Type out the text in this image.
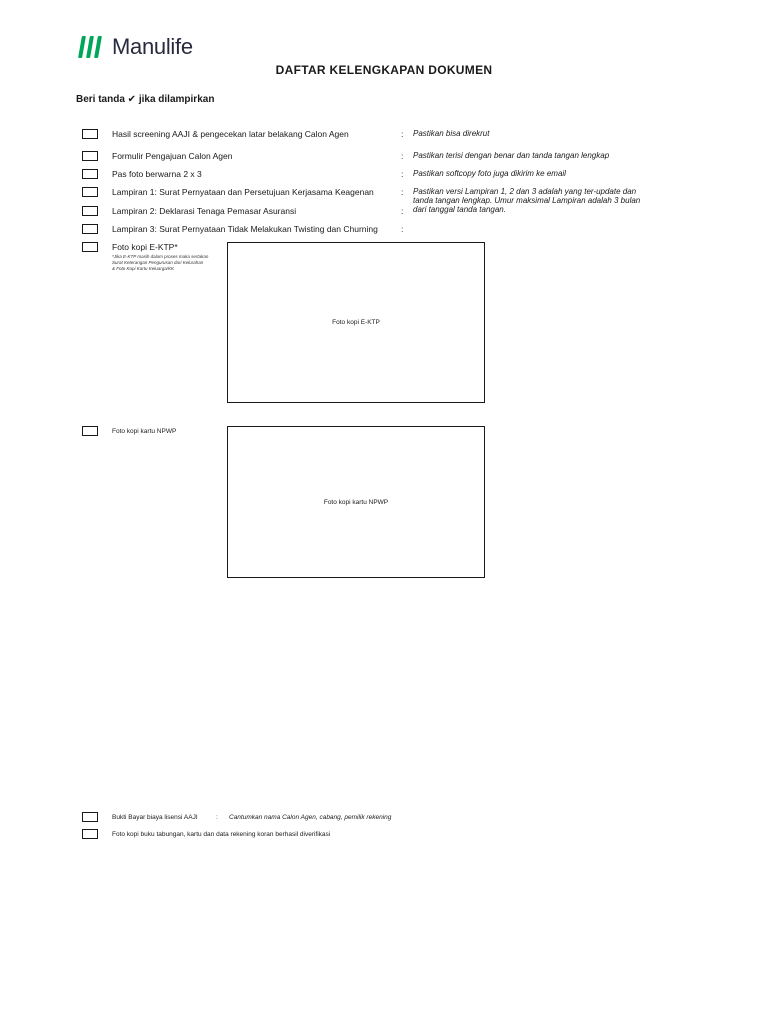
Manulife
DAFTAR KELENGKAPAN DOKUMEN
Beri tanda ✔ jika dilampirkan
Hasil screening AAJI & pengecekan latar belakang Calon Agen
Formulir Pengajuan Calon Agen
Pas foto berwarna 2 x 3
Lampiran 1: Surat Pernyataan dan Persetujuan Kerjasama Keagenan
Lampiran 2: Deklarasi Tenaga Pemasar Asuransi
Lampiran 3: Surat Pernyataan Tidak Melakukan Twisting dan Churning
: Pastikan bisa direkrut
: Pastikan terisi dengan benar dan tanda tangan lengkap
: Pastikan softcopy foto juga dikirim ke email
:
:
:
Pastikan versi Lampiran 1, 2 dan 3 adalah yang ter-update dan
tanda tangan lengkap. Umur maksimal Lampiran adalah 3 bulan
dari tanggal tanda tangan.
Foto kopi E-KTP*
*Jika E-KTP masih dalam proses maka sertakan
Surat Keterangan Pengurusan dari Kelurahan
& Foto Kopi Kartu Keluarga/KK
Foto kopi E-KTP
Foto kopi kartu NPWP
Foto kopi kartu NPWP
Bukti Bayar biaya lisensi AAJI	: Cantumkan nama Calon Agen, cabang, pemilik rekening
Foto kopi buku tabungan, kartu dan data rekening koran berhasil diverifikasi
